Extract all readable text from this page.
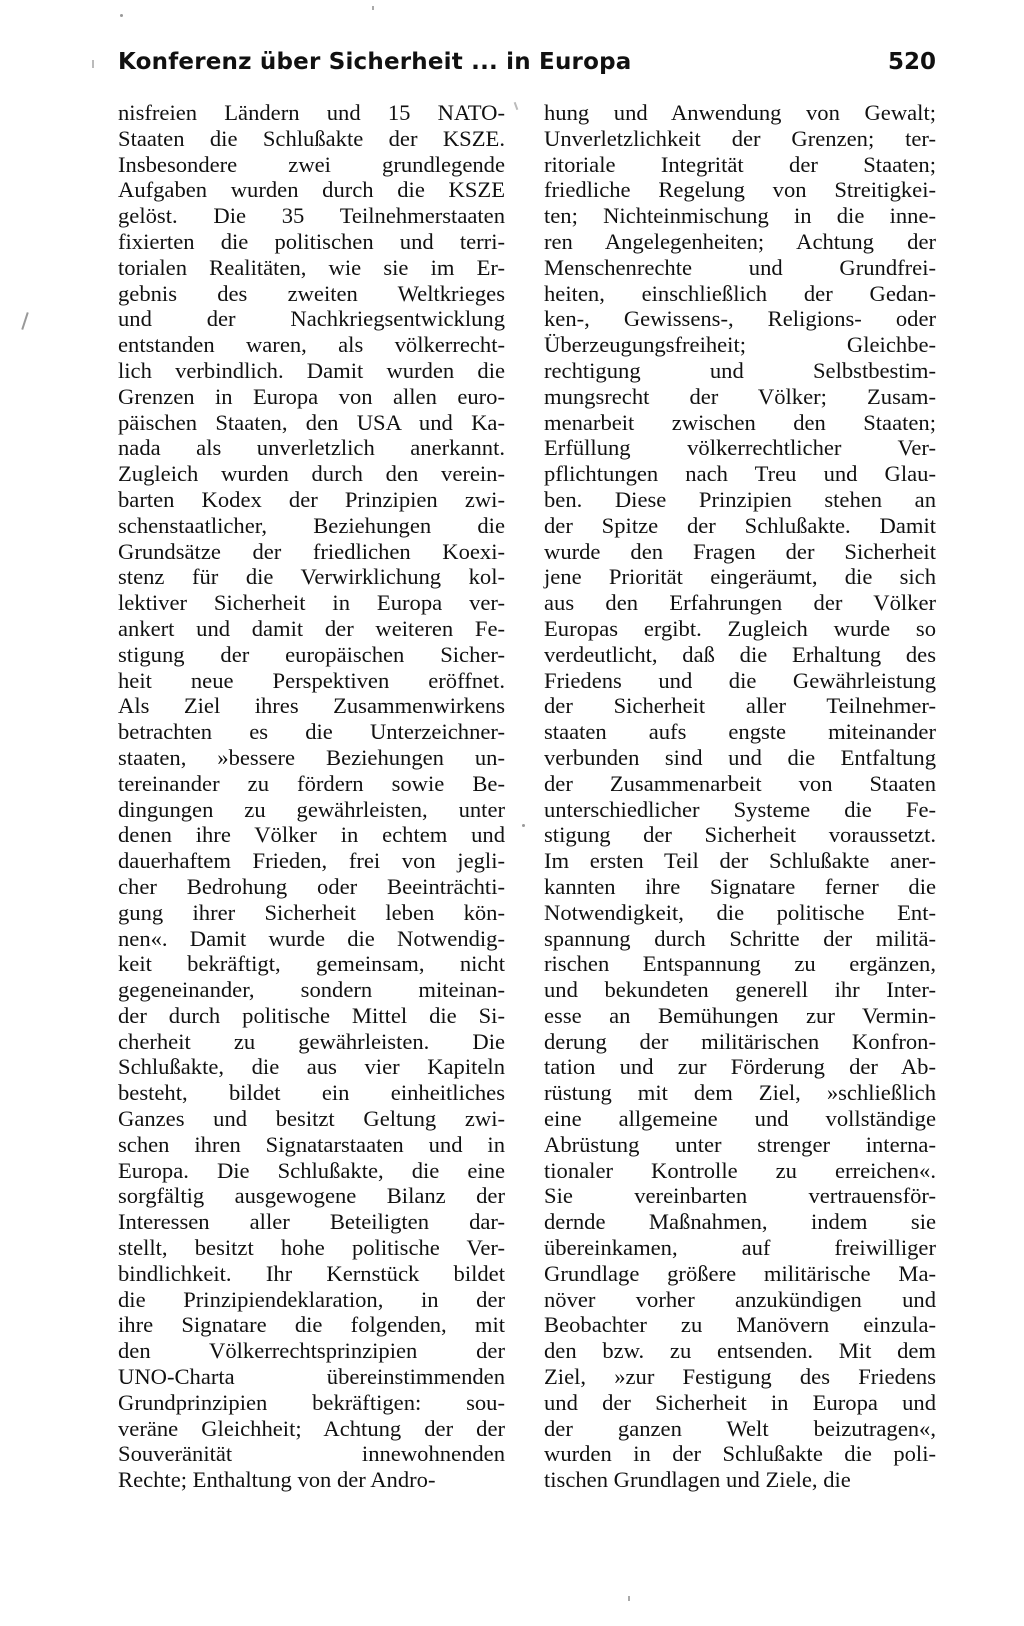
Konferenz über Sicherheit ... in Europa	520
nisfreien Ländern und 15 NATO-
Staaten die Schlußakte der KSZE.
Insbesondere zwei grundlegende
Aufgaben wurden durch die KSZE
gelöst. Die 35 Teilnehmerstaaten
fixierten die politischen und terri-
torialen Realitäten, wie sie im Er-
gebnis des zweiten Weltkrieges
und der Nachkriegsentwicklung
entstanden waren, als völkerrecht-
lich verbindlich. Damit wurden die
Grenzen in Europa von allen euro-
päischen Staaten, den USA und Ka-
nada als unverletzlich anerkannt.
Zugleich wurden durch den verein-
barten Kodex der Prinzipien zwi-
schenstaatlicher, Beziehungen die
Grundsätze der friedlichen Koexi-
stenz für die Verwirklichung kol-
lektiver Sicherheit in Europa ver-
ankert und damit der weiteren Fe-
stigung der europäischen Sicher-
heit neue Perspektiven eröffnet.
Als Ziel ihres Zusammenwirkens
betrachten es die Unterzeichner-
staaten, »bessere Beziehungen un-
tereinander zu fördern sowie Be-
dingungen zu gewährleisten, unter
denen ihre Völker in echtem und
dauerhaftem Frieden, frei von jegli-
cher Bedrohung oder Beeinträchti-
gung ihrer Sicherheit leben kön-
nen«. Damit wurde die Notwendig-
keit bekräftigt, gemeinsam, nicht
gegeneinander, sondern miteinan-
der durch politische Mittel die Si-
cherheit zu gewährleisten. Die
Schlußakte, die aus vier Kapiteln
besteht, bildet ein einheitliches
Ganzes und besitzt Geltung zwi-
schen ihren Signatarstaaten und in
Europa. Die Schlußakte, die eine
sorgfältig ausgewogene Bilanz der
Interessen aller Beteiligten dar-
stellt, besitzt hohe politische Ver-
bindlichkeit. Ihr Kernstück bildet
die Prinzipiendeklaration, in der
ihre Signatare die folgenden, mit
den Völkerrechtsprinzipien der
UNO-Charta übereinstimmenden
Grundprinzipien bekräftigen: sou-
veräne Gleichheit; Achtung der der
Souveränität innewohnenden
Rechte; Enthaltung von der Andro-
hung und Anwendung von Gewalt;
Unverletzlichkeit der Grenzen; ter-
ritoriale Integrität der Staaten;
friedliche Regelung von Streitigkei-
ten; Nichteinmischung in die inne-
ren Angelegenheiten; Achtung der
Menschenrechte und Grundfrei-
heiten, einschließlich der Gedan-
ken-, Gewissens-, Religions- oder
Überzeugungsfreiheit; Gleichbe-
rechtigung und Selbstbestim-
mungsrecht der Völker; Zusam-
menarbeit zwischen den Staaten;
Erfüllung völkerrechtlicher Ver-
pflichtungen nach Treu und Glau-
ben. Diese Prinzipien stehen an
der Spitze der Schlußakte. Damit
wurde den Fragen der Sicherheit
jene Priorität eingeräumt, die sich
aus den Erfahrungen der Völker
Europas ergibt. Zugleich wurde so
verdeutlicht, daß die Erhaltung des
Friedens und die Gewährleistung
der Sicherheit aller Teilnehmer-
staaten aufs engste miteinander
verbunden sind und die Entfaltung
der Zusammenarbeit von Staaten
unterschiedlicher Systeme die Fe-
stigung der Sicherheit voraussetzt.
Im ersten Teil der Schlußakte aner-
kannten ihre Signatare ferner die
Notwendigkeit, die politische Ent-
spannung durch Schritte der militä-
rischen Entspannung zu ergänzen,
und bekundeten generell ihr Inter-
esse an Bemühungen zur Vermin-
derung der militärischen Konfron-
tation und zur Förderung der Ab-
rüstung mit dem Ziel, »schließlich
eine allgemeine und vollständige
Abrüstung unter strenger interna-
tionaler Kontrolle zu erreichen«.
Sie vereinbarten vertrauensför-
dernde Maßnahmen, indem sie
übereinkamen, auf freiwilliger
Grundlage größere militärische Ma-
növer vorher anzukündigen und
Beobachter zu Manövern einzula-
den bzw. zu entsenden. Mit dem
Ziel, »zur Festigung des Friedens
und der Sicherheit in Europa und
der ganzen Welt beizutragen«,
wurden in der Schlußakte die poli-
tischen Grundlagen und Ziele, die
